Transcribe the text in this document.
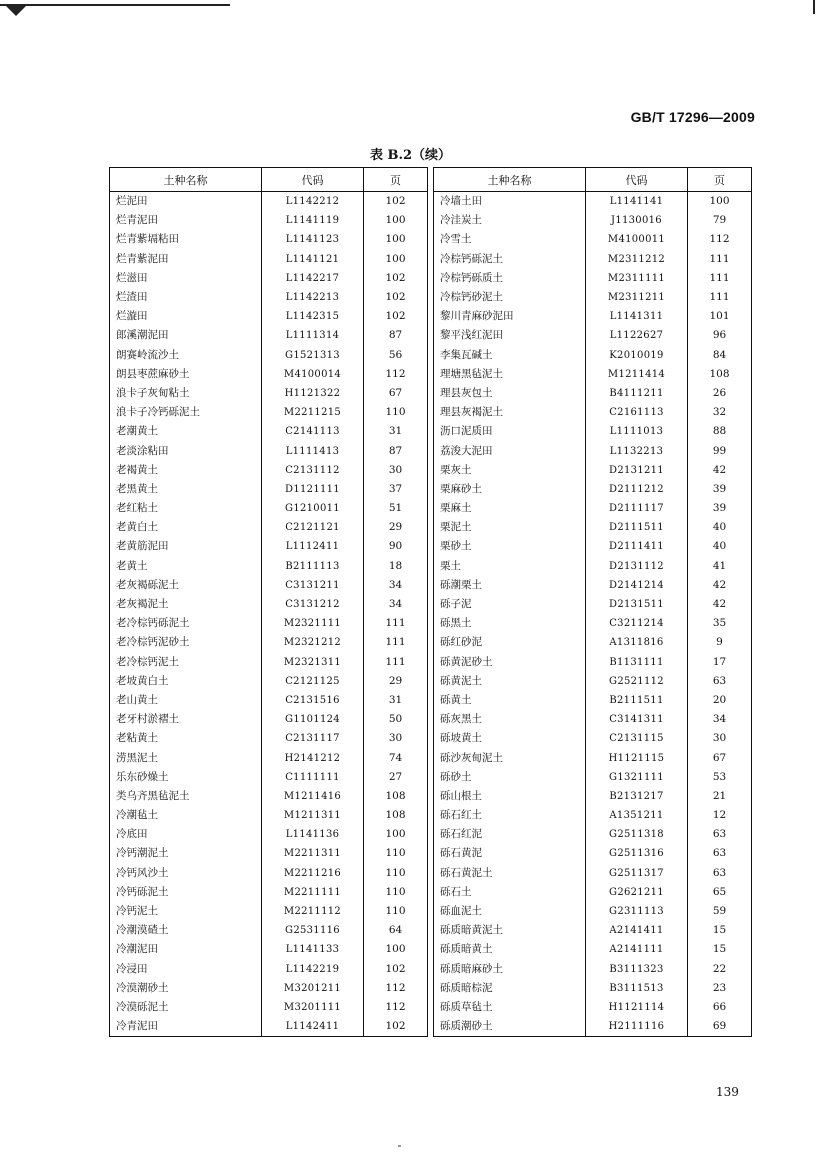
GB/T 17296—2009
表 B.2（续）
土种名称	代码	页
烂泥田	L1142212	102
烂青泥田	L1141119	100
烂青紫塥粘田	L1141123	100
烂青紫泥田	L1141121	100
烂滋田	L1142217	102
烂渣田	L1142213	102
烂漩田	L1142315	102
郎溪潮泥田	L1111314	87
朗赛岭流沙土	G1521313	56
朗县枣蔗麻砂土	M4100014	112
浪卡子灰甸粘土	H1121322	67
浪卡子冷钙砾泥土	M2211215	110
老潮黄土	C2141113	31
老淡涂粘田	L1111413	87
老褐黄土	C2131112	30
老黑黄土	D1121111	37
老红粘土	G1210011	51
老黄白土	C2121121	29
老黄筋泥田	L1112411	90
老黄土	B2111113	18
老灰褐砾泥土	C3131211	34
老灰褐泥土	C3131212	34
老冷棕钙砾泥土	M2321111	111
老冷棕钙泥砂土	M2321212	111
老冷棕钙泥土	M2321311	111
老坡黄白土	C2121125	29
老山黄土	C2131516	31
老牙村淤褶土	G1101124	50
老粘黄土	C2131117	30
涝黑泥土	H2141212	74
乐东砂燥土	C1111111	27
类乌齐黑毡泥土	M1211416	108
冷潮毡土	M1211311	108
冷底田	L1141136	100
冷钙潮泥土	M2211311	110
冷钙风沙土	M2211216	110
冷钙砾泥土	M2211111	110
冷钙泥土	M2211112	110
冷潮漠碴土	G2531116	64
冷潮泥田	L1141133	100
冷浸田	L1142219	102
冷漠潮砂土	M3201211	112
冷漠砾泥土	M3201111	112
冷青泥田	L1142411	102
土种名称	代码	页
冷墙土田	L1141141	100
冷洼炭土	J1130016	79
冷雪土	M4100011	112
冷棕钙砾泥土	M2311212	111
冷棕钙砾质土	M2311111	111
冷棕钙砂泥土	M2311211	111
黎川青麻砂泥田	L1141311	101
黎平浅红泥田	L1122627	96
李集瓦碱土	K2010019	84
理塘黑毡泥土	M1211414	108
理县灰包土	B4111211	26
理县灰褐泥土	C2161113	32
沥口泥质田	L1111013	88
荔浚大泥田	L1132213	99
栗灰土	D2131211	42
栗麻砂土	D2111212	39
栗麻土	D2111117	39
栗泥土	D2111511	40
栗砂土	D2111411	40
栗土	D2131112	41
砾潮栗土	D2141214	42
砾子泥	D2131511	42
砾黑土	C3211214	35
砾红砂泥	A1311816	9
砾黄泥砂土	B1131111	17
砾黄泥土	G2521112	63
砾黄土	B2111511	20
砾灰黑土	C3141311	34
砾坡黄土	C2131115	30
砾沙灰甸泥土	H1121115	67
砾砂土	G1321111	53
砾山根土	B2131217	21
砾石红土	A1351211	12
砾石红泥	G2511318	63
砾石黄泥	G2511316	63
砾石黄泥土	G2511317	63
砾石土	G2621211	65
砾血泥土	G2311113	59
砾质暗黄泥土	A2141411	15
砾质暗黄土	A2141111	15
砾质暗麻砂土	B3111323	22
砾质暗棕泥	B3111513	23
砾质草毡土	H1121114	66
砾质潮砂土	H2111116	69
139
